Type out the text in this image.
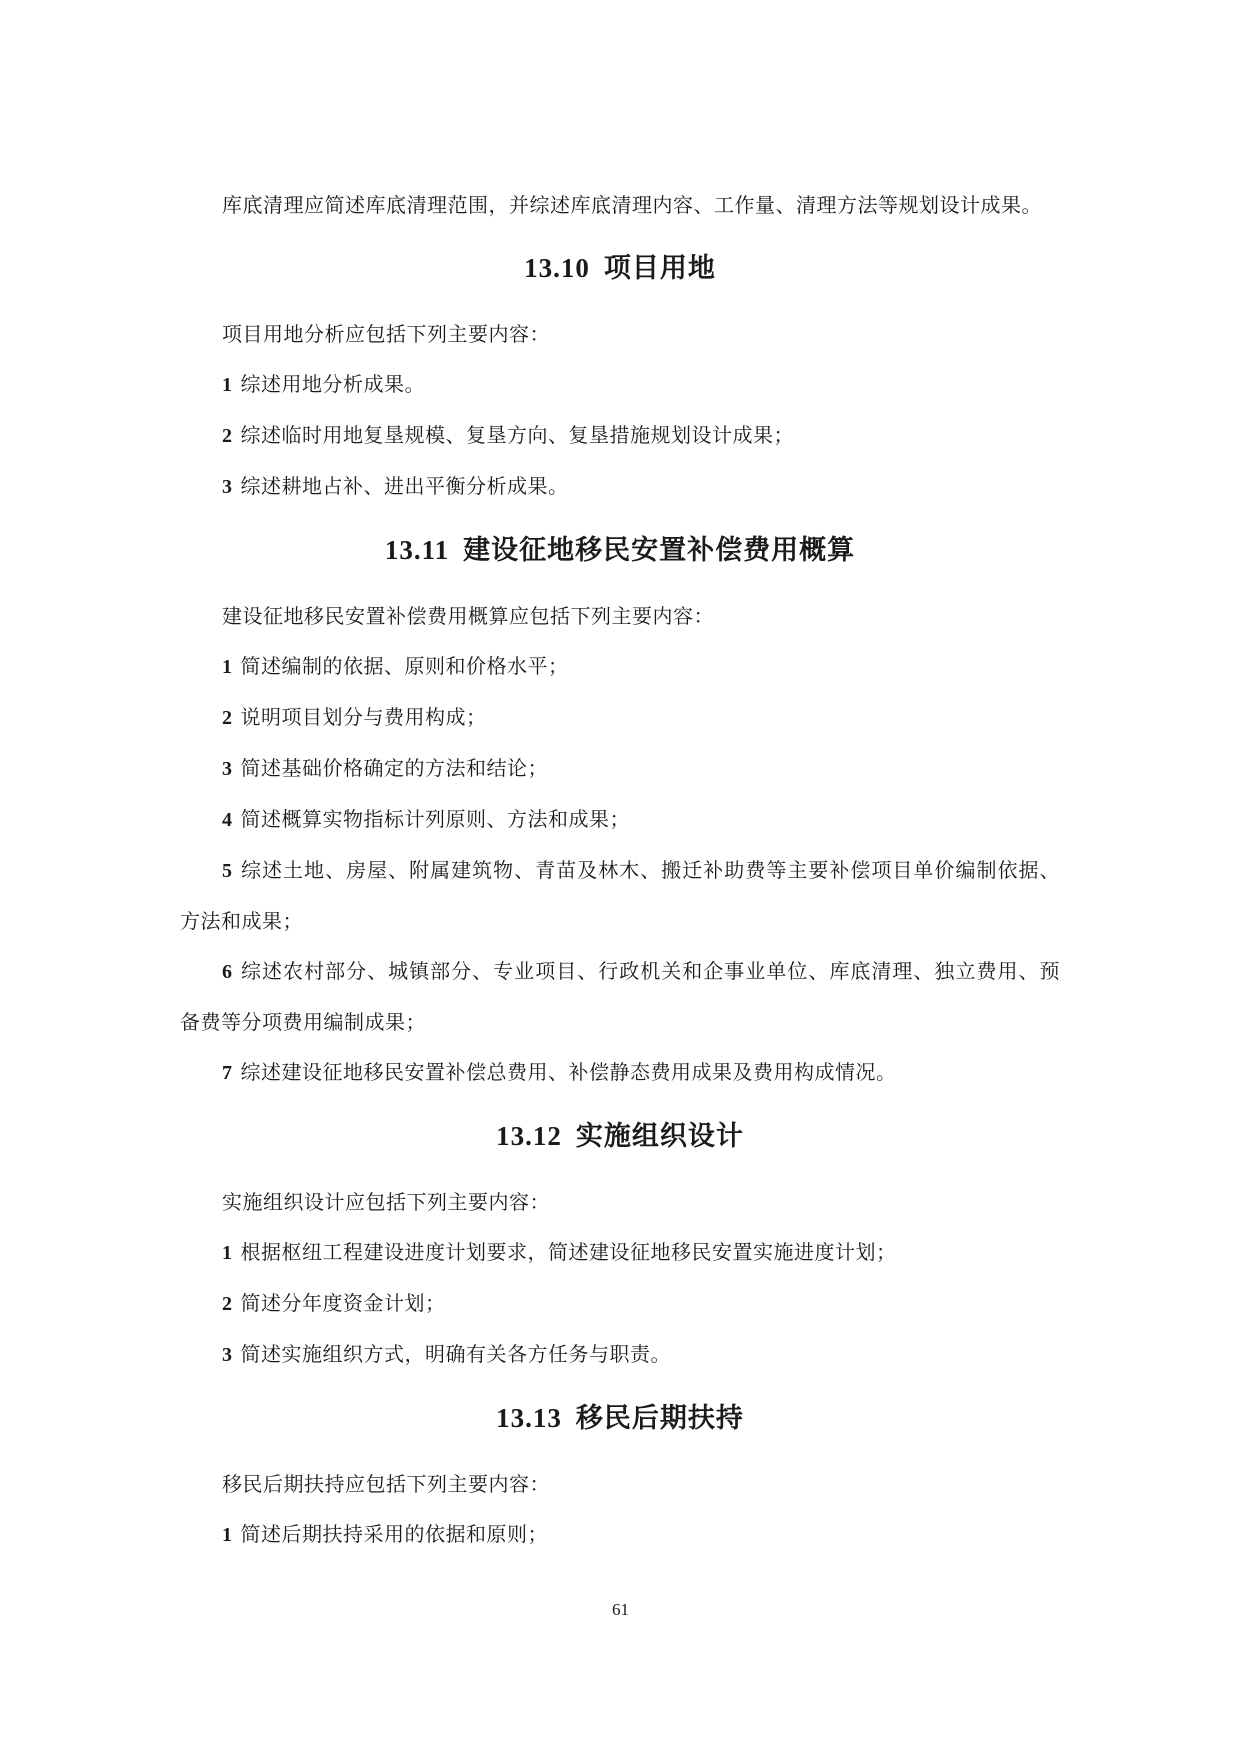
库底清理应简述库底清理范围，并综述库底清理内容、工作量、清理方法等规划设计成果。

13.10 项目用地

项目用地分析应包括下列主要内容：

1 综述用地分析成果。

2 综述临时用地复垦规模、复垦方向、复垦措施规划设计成果；

3 综述耕地占补、进出平衡分析成果。

13.11 建设征地移民安置补偿费用概算

建设征地移民安置补偿费用概算应包括下列主要内容：

1 简述编制的依据、原则和价格水平；

2 说明项目划分与费用构成；

3 简述基础价格确定的方法和结论；

4 简述概算实物指标计列原则、方法和成果；

5 综述土地、房屋、附属建筑物、青苗及林木、搬迁补助费等主要补偿项目单价编制依据、方法和成果；

6 综述农村部分、城镇部分、专业项目、行政机关和企事业单位、库底清理、独立费用、预备费等分项费用编制成果；

7 综述建设征地移民安置补偿总费用、补偿静态费用成果及费用构成情况。

13.12 实施组织设计

实施组织设计应包括下列主要内容：

1 根据枢纽工程建设进度计划要求，简述建设征地移民安置实施进度计划；

2 简述分年度资金计划；

3 简述实施组织方式，明确有关各方任务与职责。

13.13 移民后期扶持

移民后期扶持应包括下列主要内容：

1 简述后期扶持采用的依据和原则；

61
